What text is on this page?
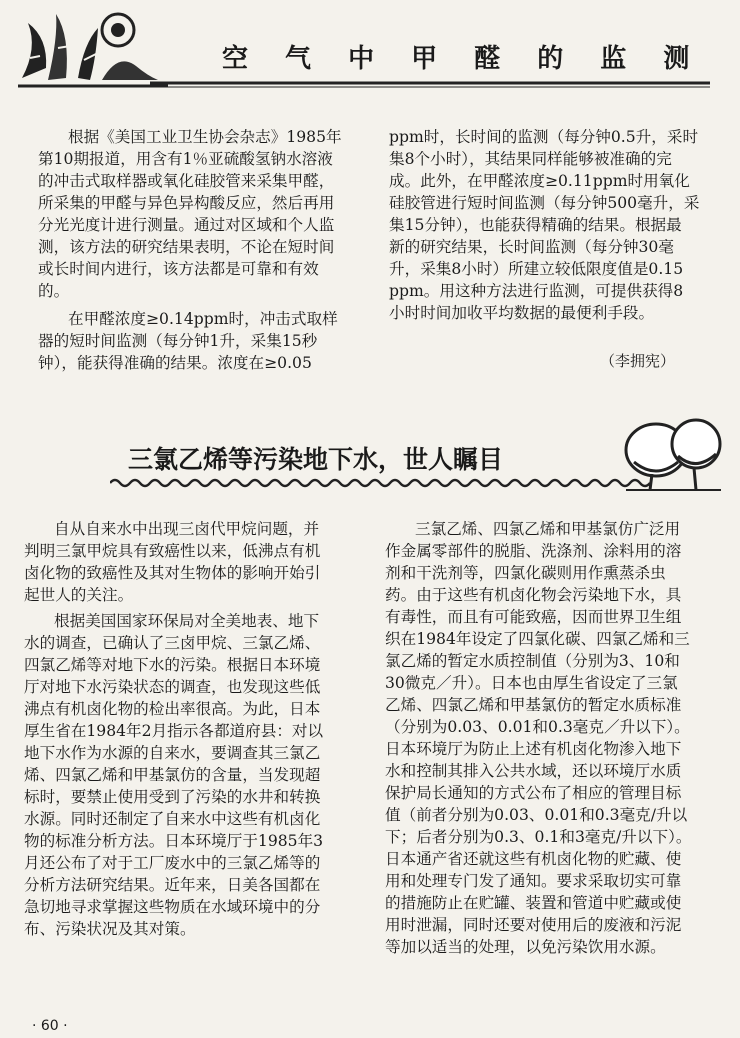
空 气 中 甲 醛 的 监 测
根据《美国工业卫生协会杂志》1985年
第10期报道，用含有1％亚硫酸氢钠水溶液
的冲击式取样器或氧化硅胶管来采集甲醛，
所采集的甲醛与异色异构酸反应，然后再用
分光光度计进行测量。通过对区域和个人监
测，该方法的研究结果表明，不论在短时间
或长时间内进行，该方法都是可靠和有效
的。
在甲醛浓度≥0.14ppm时，冲击式取样
器的短时间监测（每分钟1升，采集15秒
钟），能获得准确的结果。浓度在≥0.05
ppm时，长时间的监测（每分钟0.5升，采时
集8个小时），其结果同样能够被准确的完
成。此外，在甲醛浓度≥0.11ppm时用氧化
硅胶管进行短时间监测（每分钟500毫升，采
集15分钟），也能获得精确的结果。根据最
新的研究结果，长时间监测（每分钟30毫
升，采集8小时）所建立较低限度值是0.15
ppm。用这种方法进行监测，可提供获得8
小时时间加收平均数据的最便利手段。
（李拥宪）
三氯乙烯等污染地下水，世人瞩目
自从自来水中出现三卤代甲烷问题，并
判明三氯甲烷具有致癌性以来，低沸点有机
卤化物的致癌性及其对生物体的影响开始引
起世人的关注。
根据美国国家环保局对全美地表、地下
水的调查，已确认了三卤甲烷、三氯乙烯、
四氯乙烯等对地下水的污染。根据日本环境
厅对地下水污染状态的调查，也发现这些低
沸点有机卤化物的检出率很高。为此，日本
厚生省在1984年2月指示各都道府县：对以
地下水作为水源的自来水，要调查其三氯乙
烯、四氯乙烯和甲基氯仿的含量，当发现超
标时，要禁止使用受到了污染的水井和转换
水源。同时还制定了自来水中这些有机卤化
物的标准分析方法。日本环境厅于1985年3
月还公布了对于工厂废水中的三氯乙烯等的
分析方法研究结果。近年来，日美各国都在
急切地寻求掌握这些物质在水域环境中的分
布、污染状况及其对策。
三氯乙烯、四氯乙烯和甲基氯仿广泛用
作金属零部件的脱脂、洗涤剂、涂料用的溶
剂和干洗剂等，四氯化碳则用作熏蒸杀虫
药。由于这些有机卤化物会污染地下水，具
有毒性，而且有可能致癌，因而世界卫生组
织在1984年设定了四氯化碳、四氯乙烯和三
氯乙烯的暂定水质控制值（分别为3、10和
30微克／升）。日本也由厚生省设定了三氯
乙烯、四氯乙烯和甲基氯仿的暂定水质标准
（分别为0.03、0.01和0.3毫克／升以下）。
日本环境厅为防止上述有机卤化物渗入地下
水和控制其排入公共水域，还以环境厅水质
保护局长通知的方式公布了相应的管理目标
值（前者分别为0.03、0.01和0.3毫克/升以
下；后者分别为0.3、0.1和3毫克/升以下）。
日本通产省还就这些有机卤化物的贮藏、使
用和处理专门发了通知。要求采取切实可靠
的措施防止在贮罐、装置和管道中贮藏或使
用时泄漏，同时还要对使用后的废液和污泥
等加以适当的处理，以免污染饮用水源。
· 60 ·
